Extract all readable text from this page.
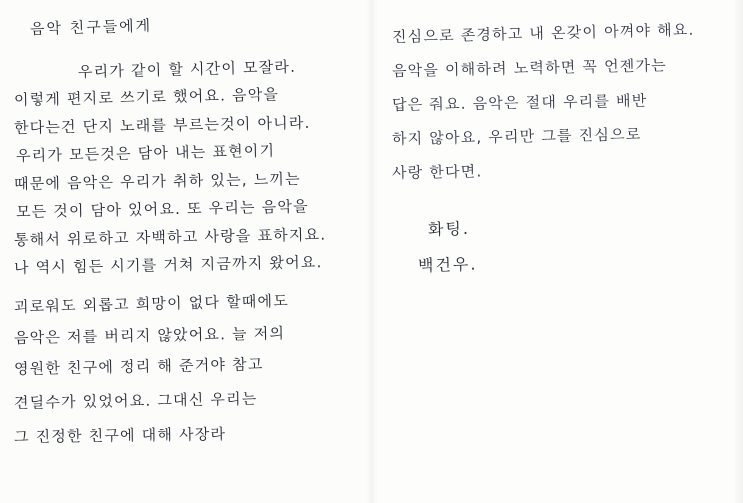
음악 친구들에게
우리가 같이 할 시간이 모잘라.
이렇게 편지로 쓰기로 했어요. 음악을
한다는건 단지 노래를 부르는것이 아니라.
우리가 모든것은 담아 내는 표현이기
때문에 음악은 우리가 취하 있는, 느끼는
모든 것이 담아 있어요. 또 우리는 음악을
통해서 위로하고 자백하고 사랑을 표하지요.
나 역시 힘든 시기를 거쳐 지금까지 왔어요.
괴로워도 외롭고 희망이 없다 할때에도
음악은 저를 버리지 않았어요. 늘 저의
영원한 친구에 정리 해 준거야 참고
견딜수가 있었어요. 그대신 우리는
그 진정한 친구에 대해 사장라
진심으로 존경하고 내 온갖이 아껴야 해요.
음악을 이해하려 노력하면 꼭 언젠가는
답은 줘요. 음악은 절대 우리를 배반
하지 않아요, 우리만 그를 진심으로
사랑 한다면.
화팅.
백건우.
